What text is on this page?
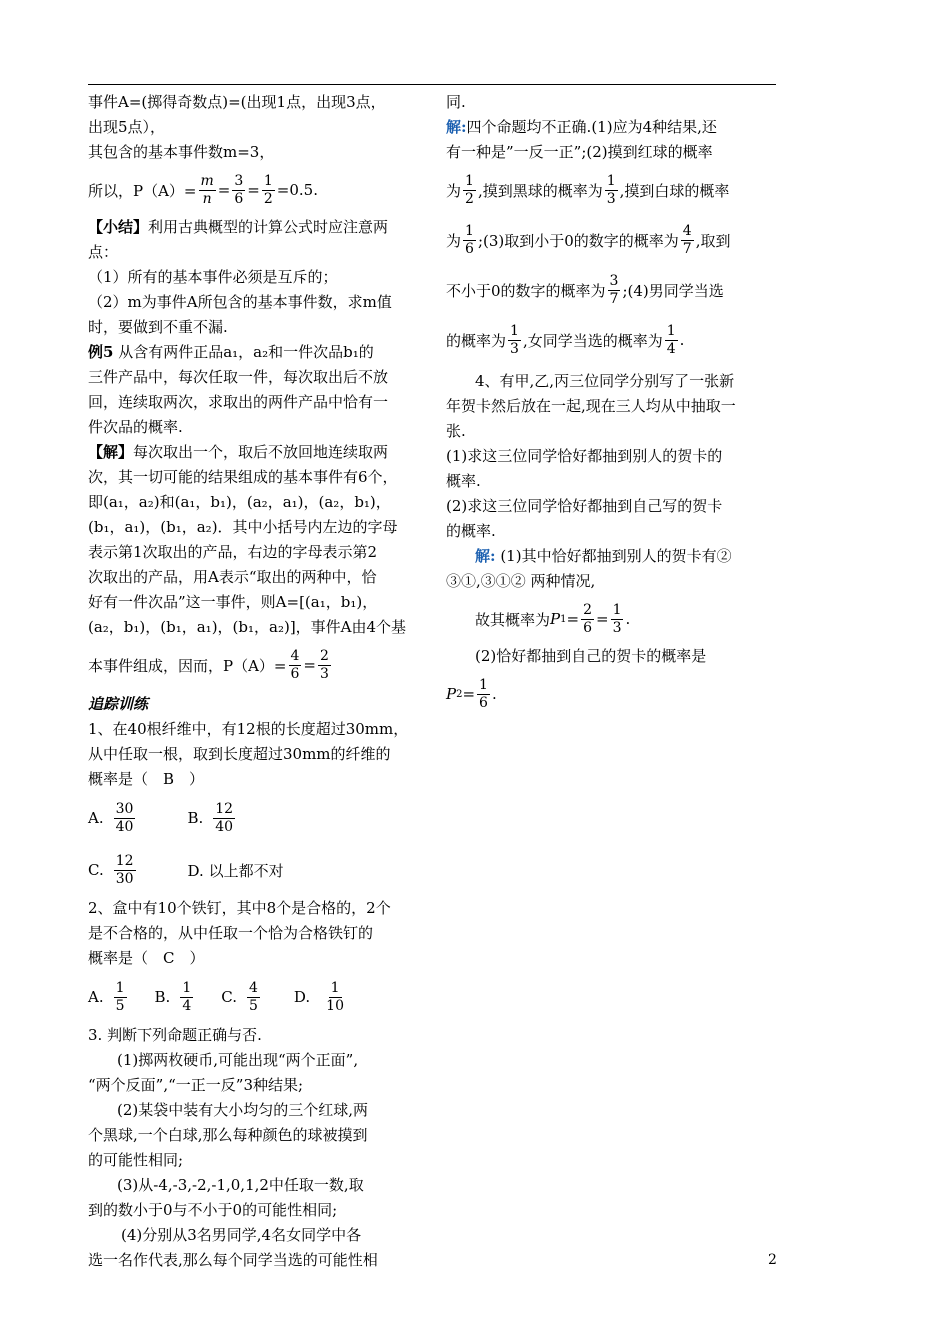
事件A=(掷得奇数点)=(出现1点，出现3点，
出现5点），
其包含的基本事件数m=3，
所以，$P(A)= \frac{m}{n} = \frac{3}{6} = \frac{1}{2} =0.5$.
【小结】利用古典概型的计算公式时应注意两
点：
（1）所有的基本事件必须是互斥的；
（2）m为事件A所包含的基本事件数，求m值
时，要做到不重不漏.
例5 从含有两件正品a₁，a₂和一件次品b₁的
三件产品中，每次任取一件，每次取出后不放
回，连续取两次，求取出的两件产品中恰有一
件次品的概率.
【解】每次取出一个，取后不放回地连续取两
次，其一切可能的结果组成的基本事件有6个，
即(a₁，a₂)和(a₁，b₁)，(a₂，a₁)，(a₂，b₁)，
(b₁，a₁)，(b₁，a₂)．其中小括号内左边的字母
表示第1次取出的产品，右边的字母表示第2
次取出的产品，用A表示“取出的两种中，恰
好有一件次品”这一事件，则A=[(a₁，b₁)，
(a₂，b₁)，(b₁，a₁)，(b₁，a₂)]，事件A由4个基
本事件组成，因而，$P(A)= \frac{4}{6} = \frac{2}{3}$
追踪训练
1、在40根纤维中，有12根的长度超过30mm，
从中任取一根，取到长度超过30mm的纤维的
概率是（　B　）
A. $\frac{30}{40}$	B. $\frac{12}{40}$
C. $\frac{12}{30}$	D. 以上都不对
2、盒中有10个铁钉，其中8个是合格的，2个
是不合格的，从中任取一个恰为合格铁钉的
概率是（　C　）
A. $\frac{1}{5} B$. $\frac{1}{4} C$. $\frac{4}{5} D$. $\frac{1}{10}$
3. 判断下列命题正确与否.
(1)掷两枚硬币,可能出现“两个正面”,
“两个反面”,“一正一反”3种结果;
(2)某袋中装有大小均匀的三个红球,两
个黑球,一个白球,那么每种颜色的球被摸到
的可能性相同;
(3)从-4,-3,-2,-1,0,1,2中任取一数,取
到的数小于0与不小于0的可能性相同;
(4)分别从3名男同学,4名女同学中各
选一名作代表,那么每个同学当选的可能性相
同.
解:四个命题均不正确.(1)应为4种结果,还
有一种是”一反一正”;(2)摸到红球的概率
为 $\frac{1}{2}$ ,摸到黑球的概率为 $\frac{1}{3}$ ,摸到白球的概率
为 $\frac{1}{6}$ ;(3)取到小于0的数字的概率为 $\frac{4}{7}$ ,取到
不小于0的数字的概率为 $\frac{3}{7}$ ;(4)男同学当选
的概率为 $\frac{1}{3}$ ,女同学当选的概率为 $\frac{1}{4}$ .
4、有甲,乙,丙三位同学分别写了一张新
年贺卡然后放在一起,现在三人均从中抽取一
张.
(1)求这三位同学恰好都抽到别人的贺卡的
概率.
(2)求这三位同学恰好都抽到自己写的贺卡
的概率.
解: (1)其中恰好都抽到别人的贺卡有②
③①,③①② 两种情况,
故其概率为 P $1 = \frac{2}{6} = \frac{1}{3}$ .
(2)恰好都抽到自己的贺卡的概率是
P $2 = \frac{1}{6}$ .
2
